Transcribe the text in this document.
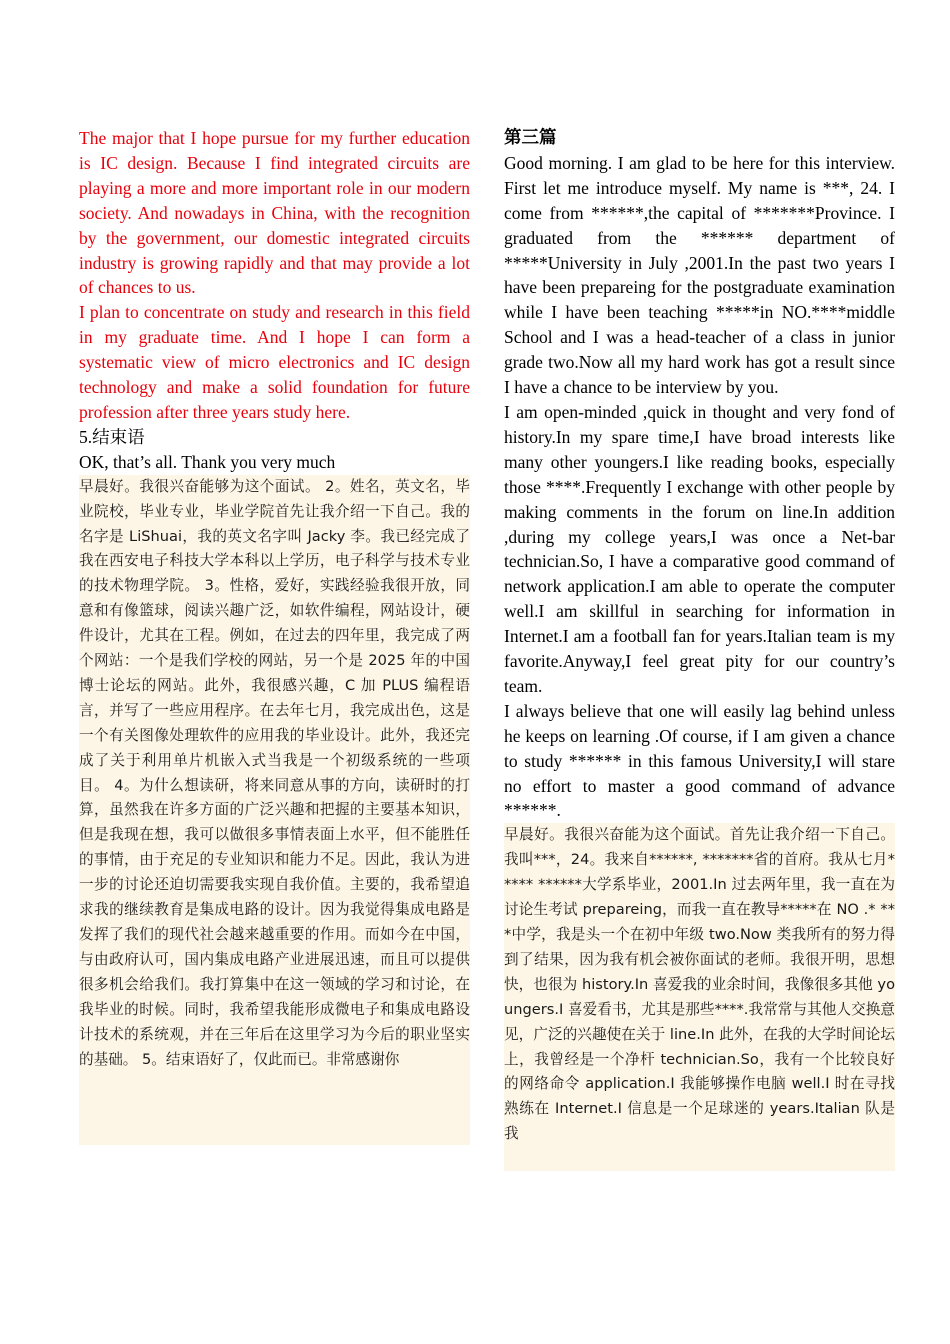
The major that I hope pursue for my further education is IC design. Because I find integrated circuits are playing a more and more important role in our modern society. And nowadays in China, with the recognition by the government, our domestic integrated circuits industry is growing rapidly and that may provide a lot of chances to us.

I plan to concentrate on study and research in this field in my graduate time. And I hope I can form a systematic view of micro electronics and IC design technology and make a solid foundation for future profession after three years study here.

5.结束语

OK, that’s all. Thank you very much

早晨好。我很兴奋能够为这个面试。 2。姓名，英文名，毕业院校，毕业专业，毕业学院首先让我介绍一下自己。我的名字是 LiShuai，我的英文名字叫 Jacky 李。我已经完成了我在西安电子科技大学本科以上学历，电子科学与技术专业的技术物理学院。 3。性格，爱好，实践经验我很开放，同意和有像篮球，阅读兴趣广泛，如软件编程，网站设计，硬件设计，尤其在工程。例如，在过去的四年里，我完成了两个网站：一个是我们学校的网站，另一个是 2025 年的中国博士论坛的网站。此外，我很感兴趣，C 加 PLUS 编程语言，并写了一些应用程序。在去年七月，我完成出色，这是一个有关图像处理软件的应用我的毕业设计。此外，我还完成了关于利用单片机嵌入式当我是一个初级系统的一些项目。 4。为什么想读研，将来同意从事的方向，读研时的打算，虽然我在许多方面的广泛兴趣和把握的主要基本知识，但是我现在想，我可以做很多事情表面上水平，但不能胜任的事情，由于充足的专业知识和能力不足。因此，我认为进一步的讨论还迫切需要我实现自我价值。主要的，我希望追求我的继续教育是集成电路的设计。因为我觉得集成电路是发挥了我们的现代社会越来越重要的作用。而如今在中国，与由政府认可，国内集成电路产业进展迅速，而且可以提供很多机会给我们。我打算集中在这一领域的学习和讨论，在我毕业的时候。同时，我希望我能形成微电子和集成电路设计技术的系统观，并在三年后在这里学习为今后的职业坚实的基础。 5。结束语好了，仅此而已。非常感谢你

第三篇

Good morning. I am glad to be here for this interview. First let me introduce myself. My name is ***, 24. I come from ******,the capital of *******Province. I graduated from the ****** department of *****University in July ,2001.In the past two years I have been prepareing for the postgraduate examination while I have been teaching *****in NO.****middle School and I was a head-teacher of a class in junior grade two.Now all my hard work has got a result since I have a chance to be interview by you.

I am open-minded ,quick in thought and very fond of history.In my spare time,I have broad interests like many other youngers.I like reading books, especially those ****.Frequently I exchange with other people by making comments in the forum on line.In addition ,during my college years,I was once a Net-bar technician.So, I have a comparative good command of network application.I am able to operate the computer well.I am skillful in searching for information in Internet.I am a football fan for years.Italian team is my favorite.Anyway,I feel great pity for our country’s team.

I always believe that one will easily lag behind unless he keeps on learning .Of course, if I am given a chance to study ****** in this famous University,I will stare no effort to master a good command of advance ******.

早晨好。我很兴奋能为这个面试。首先让我介绍一下自己。我叫***，24。我来自******, *******省的首府。我从七月***** ******大学系毕业，2001.In 过去两年里，我一直在为讨论生考试 prepareing，而我一直在教导*****在 NO .* ***中学，我是头一个在初中年级 two.Now 类我所有的努力得到了结果，因为我有机会被你面试的老师。我很开明，思想快，也很为 history.In 喜爱我的业余时间，我像很多其他 youngers.I 喜爱看书，尤其是那些****.我常常与其他人交换意见，广泛的兴趣使在关于 line.In 此外，在我的大学时间论坛上，我曾经是一个净杆 technician.So，我有一个比较良好的网络命令 application.I 我能够操作电脑 well.I 时在寻找熟练在 Internet.I 信息是一个足球迷的 years.Italian 队是我
